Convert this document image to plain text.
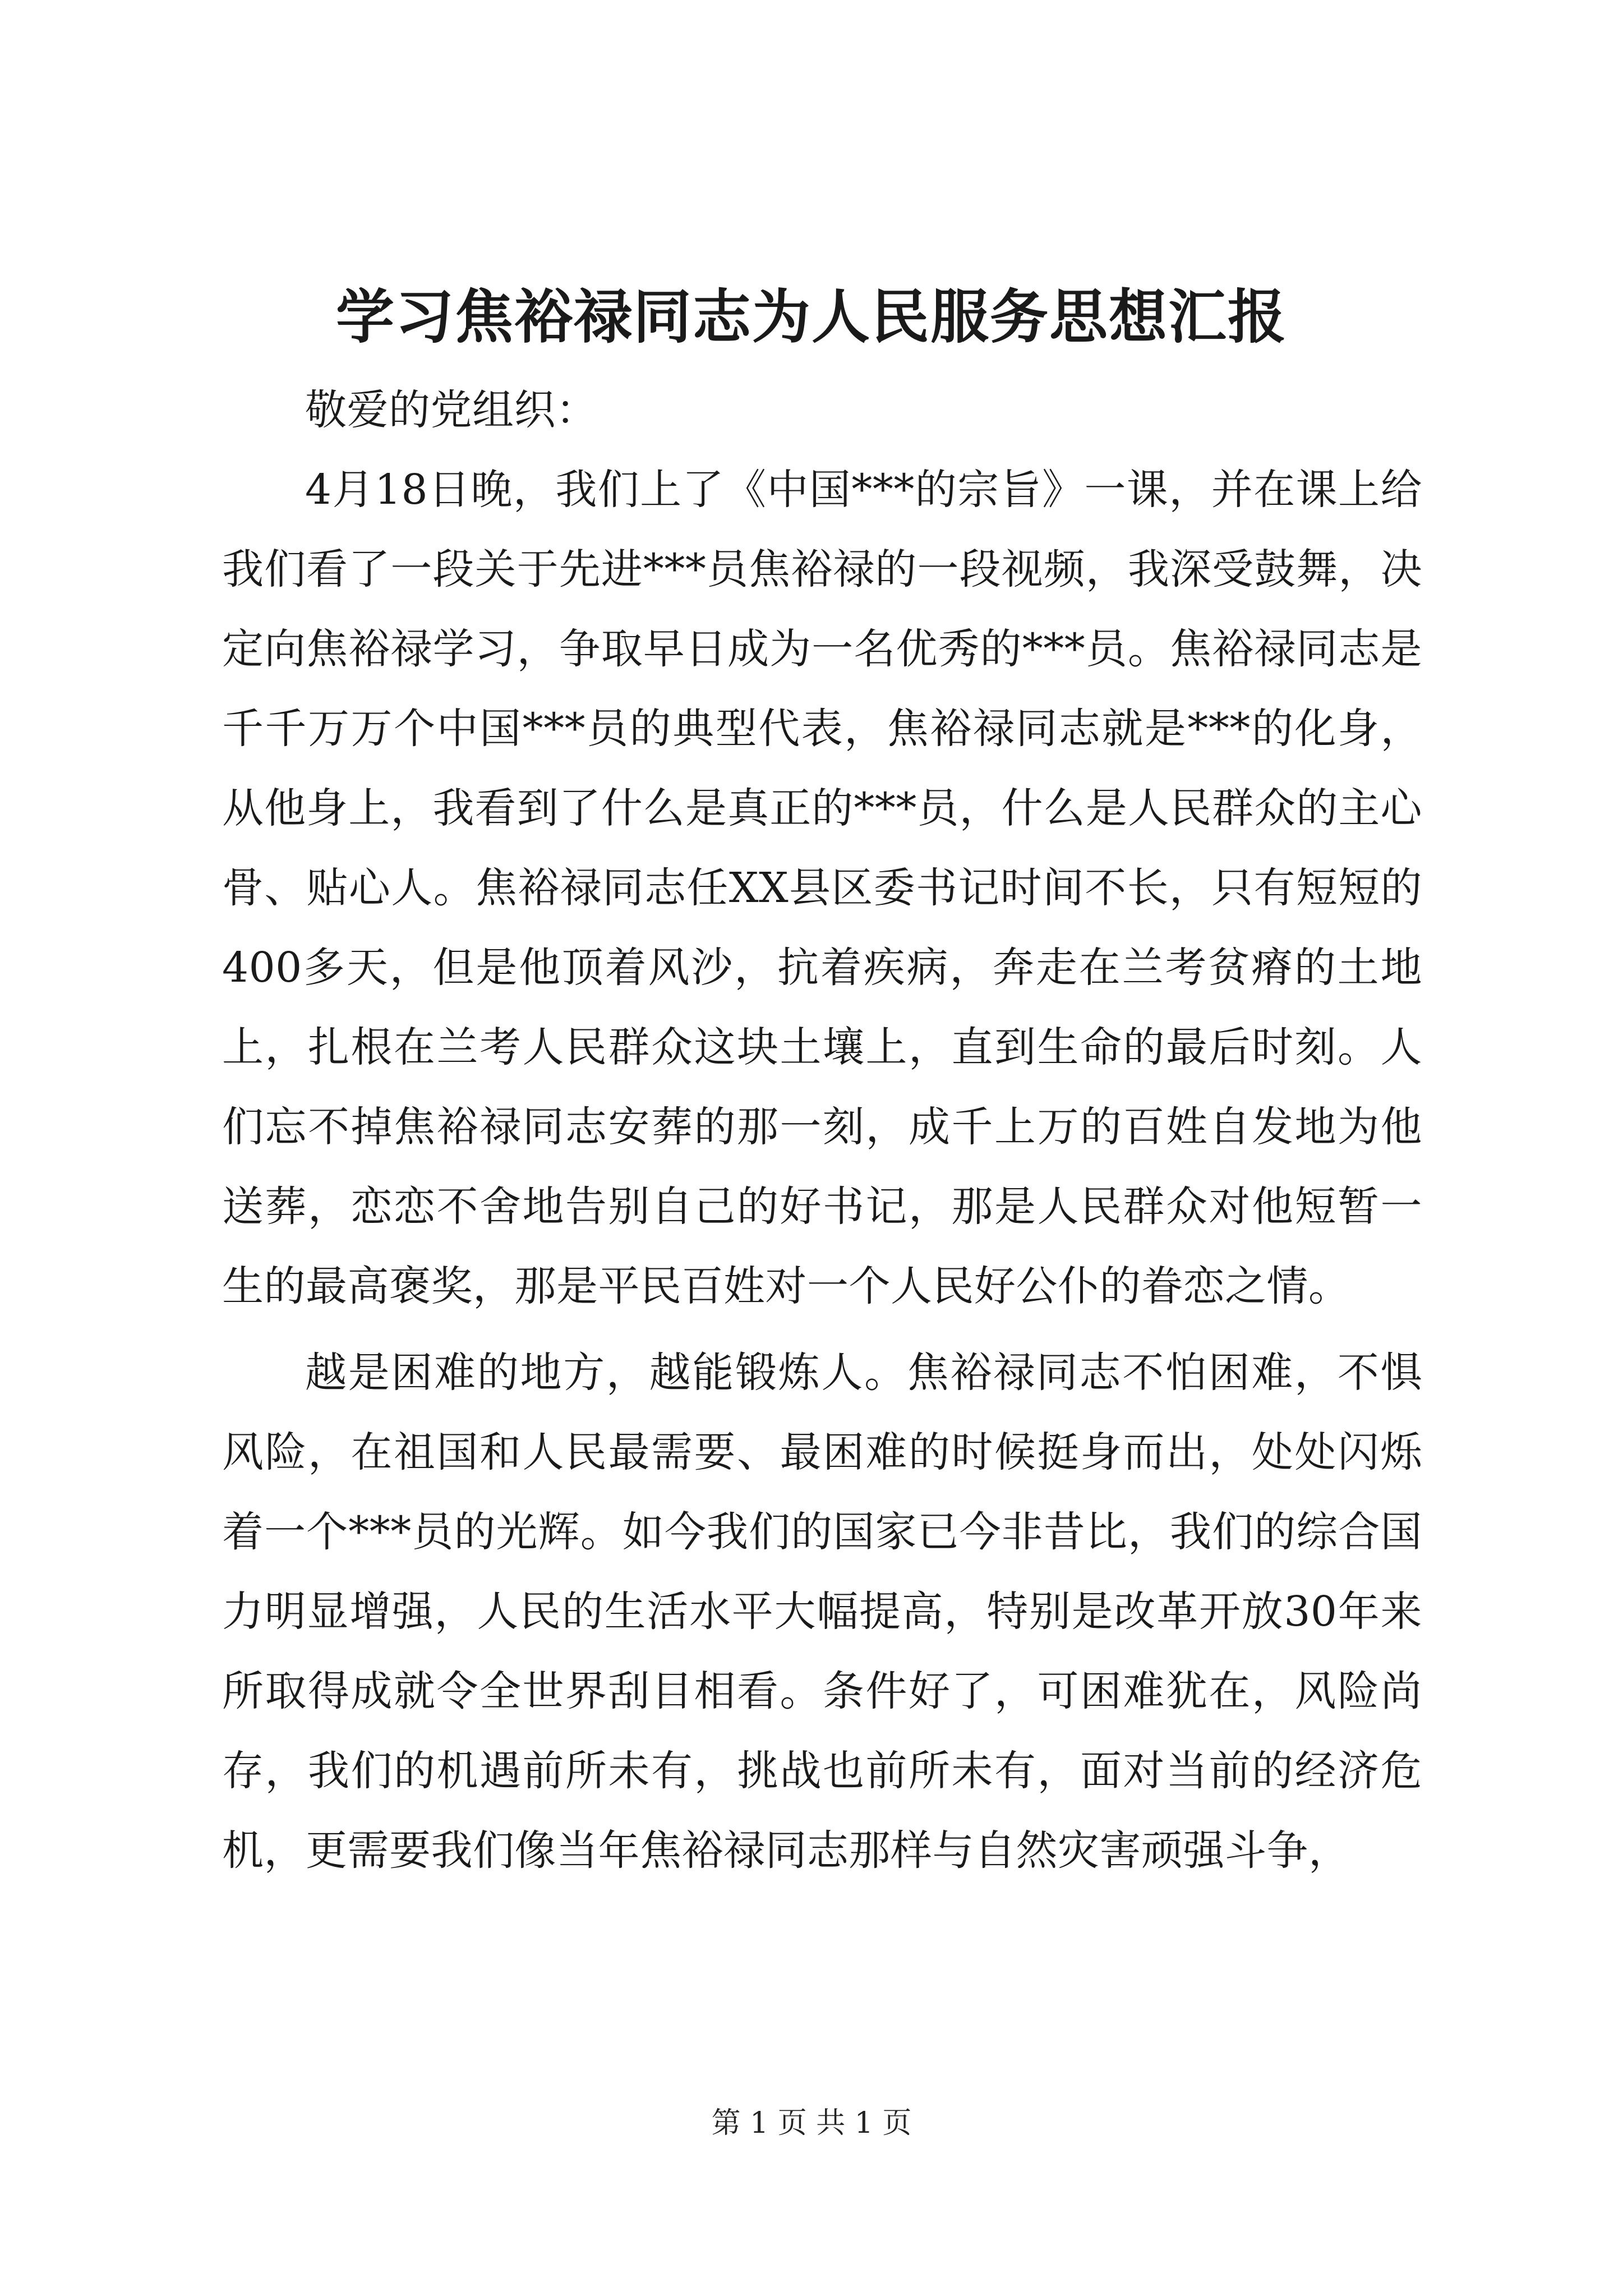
学习焦裕禄同志为人民服务思想汇报

敬爱的党组织：

4月18日晚，我们上了《中国***的宗旨》一课，并在课上给我们看了一段关于先进***员焦裕禄的一段视频，我深受鼓舞，决定向焦裕禄学习，争取早日成为一名优秀的***员。焦裕禄同志是千千万万个中国***员的典型代表，焦裕禄同志就是***的化身，从他身上，我看到了什么是真正的***员，什么是人民群众的主心骨、贴心人。焦裕禄同志任XX县区委书记时间不长，只有短短的400多天，但是他顶着风沙，抗着疾病，奔走在兰考贫瘠的土地上，扎根在兰考人民群众这块土壤上，直到生命的最后时刻。人们忘不掉焦裕禄同志安葬的那一刻，成千上万的百姓自发地为他送葬，恋恋不舍地告别自己的好书记，那是人民群众对他短暂一生的最高褒奖，那是平民百姓对一个人民好公仆的眷恋之情。

越是困难的地方，越能锻炼人。焦裕禄同志不怕困难，不惧风险，在祖国和人民最需要、最困难的时候挺身而出，处处闪烁着一个***员的光辉。如今我们的国家已今非昔比，我们的综合国力明显增强，人民的生活水平大幅提高，特别是改革开放30年来所取得成就令全世界刮目相看。条件好了，可困难犹在，风险尚存，我们的机遇前所未有，挑战也前所未有，面对当前的经济危机，更需要我们像当年焦裕禄同志那样与自然灾害顽强斗争，

第 1 页 共 1 页
